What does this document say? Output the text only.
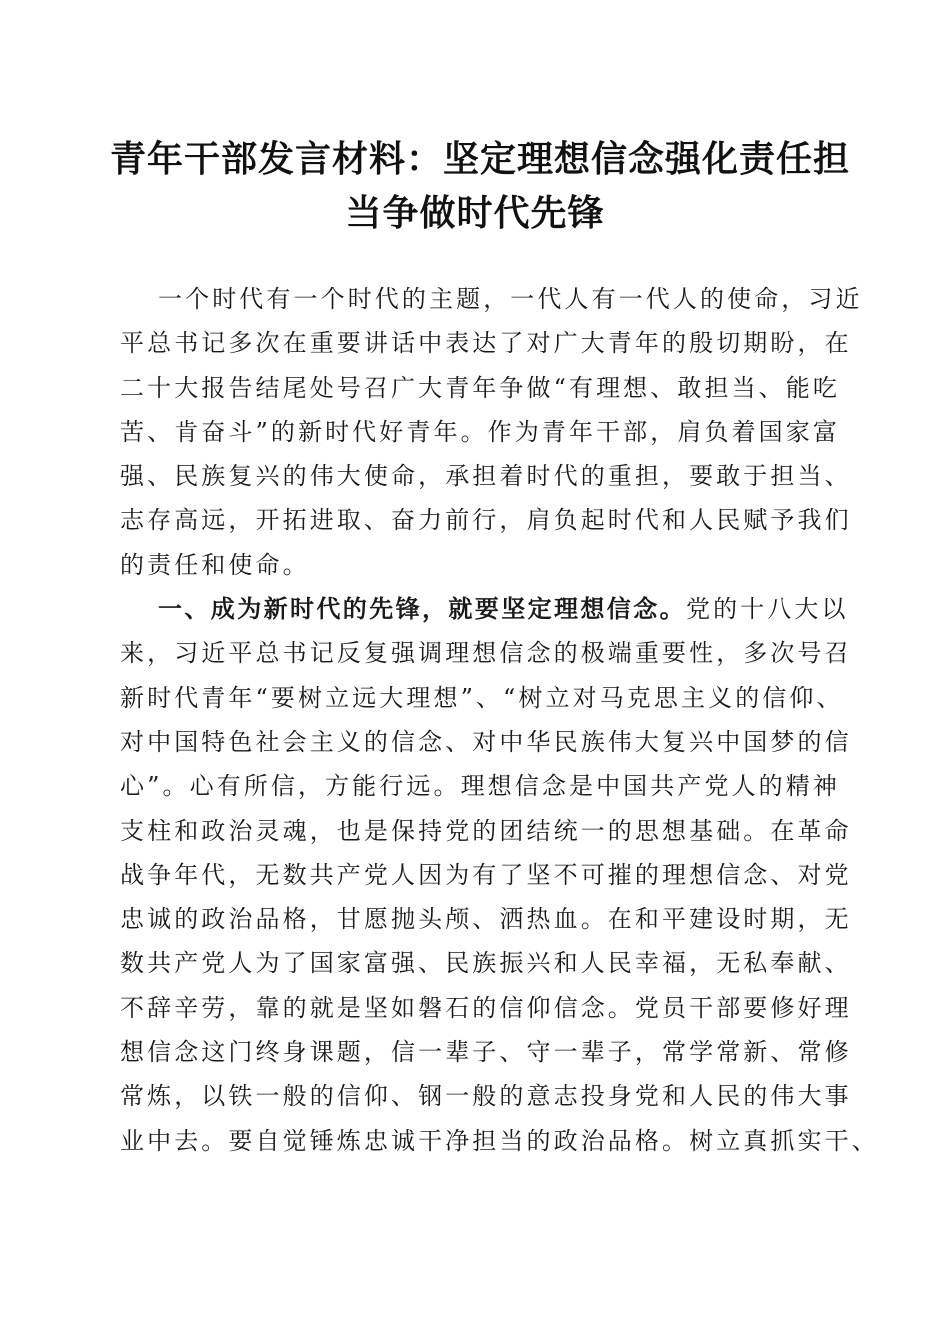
青年干部发言材料：坚定理想信念强化责任担
当争做时代先锋
一个时代有一个时代的主题，一代人有一代人的使命，习近
平总书记多次在重要讲话中表达了对广大青年的殷切期盼，在
二十大报告结尾处号召广大青年争做“有理想、敢担当、能吃
苦、肯奋斗”的新时代好青年。作为青年干部，肩负着国家富
强、民族复兴的伟大使命，承担着时代的重担，要敢于担当、
志存高远，开拓进取、奋力前行，肩负起时代和人民赋予我们
的责任和使命。
一、成为新时代的先锋，就要坚定理想信念。党的十八大以
来，习近平总书记反复强调理想信念的极端重要性，多次号召
新时代青年“要树立远大理想”、“树立对马克思主义的信仰、
对中国特色社会主义的信念、对中华民族伟大复兴中国梦的信
心”。心有所信，方能行远。理想信念是中国共产党人的精神
支柱和政治灵魂，也是保持党的团结统一的思想基础。在革命
战争年代，无数共产党人因为有了坚不可摧的理想信念、对党
忠诚的政治品格，甘愿抛头颅、洒热血。在和平建设时期，无
数共产党人为了国家富强、民族振兴和人民幸福，无私奉献、
不辞辛劳，靠的就是坚如磐石的信仰信念。党员干部要修好理
想信念这门终身课题，信一辈子、守一辈子，常学常新、常修
常炼，以铁一般的信仰、钢一般的意志投身党和人民的伟大事
业中去。要自觉锤炼忠诚干净担当的政治品格。树立真抓实干、
